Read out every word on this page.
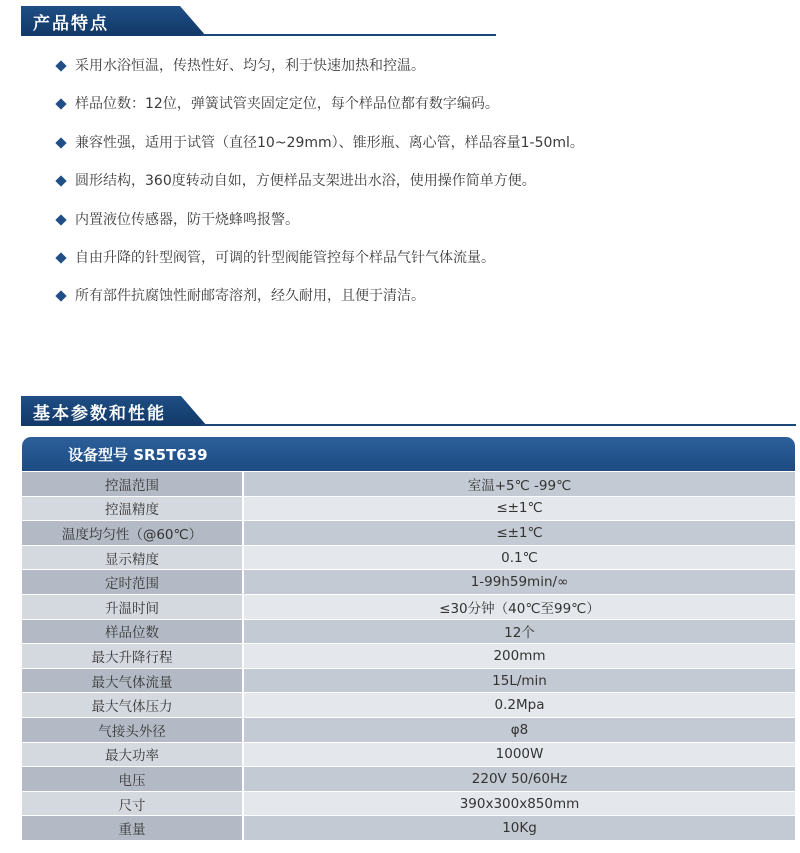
产品特点
采用水浴恒温，传热性好、均匀，利于快速加热和控温。
样品位数：12位，弹簧试管夹固定定位，每个样品位都有数字编码。
兼容性强，适用于试管（直径10~29mm）、锥形瓶、离心管，样品容量1-50ml。
圆形结构，360度转动自如，方便样品支架进出水浴，使用操作简单方便。
内置液位传感器，防干烧蜂鸣报警。
自由升降的针型阀管，可调的针型阀能管控每个样品气针气体流量。
所有部件抗腐蚀性耐邮寄溶剂，经久耐用，且便于清洁。
基本参数和性能
设备型号 SR5T639
控温范围	室温+5℃ -99℃
控温精度	≤±1℃
温度均匀性（@60℃）	≤±1℃
显示精度	0.1℃
定时范围	1-99h59min/∞
升温时间	≤30分钟（40℃至99℃）
样品位数	12个
最大升降行程	200mm
最大气体流量	15L/min
最大气体压力	0.2Mpa
气接头外径	φ8
最大功率	1000W
电压	220V 50/60Hz
尺寸	390x300x850mm
重量	10Kg
